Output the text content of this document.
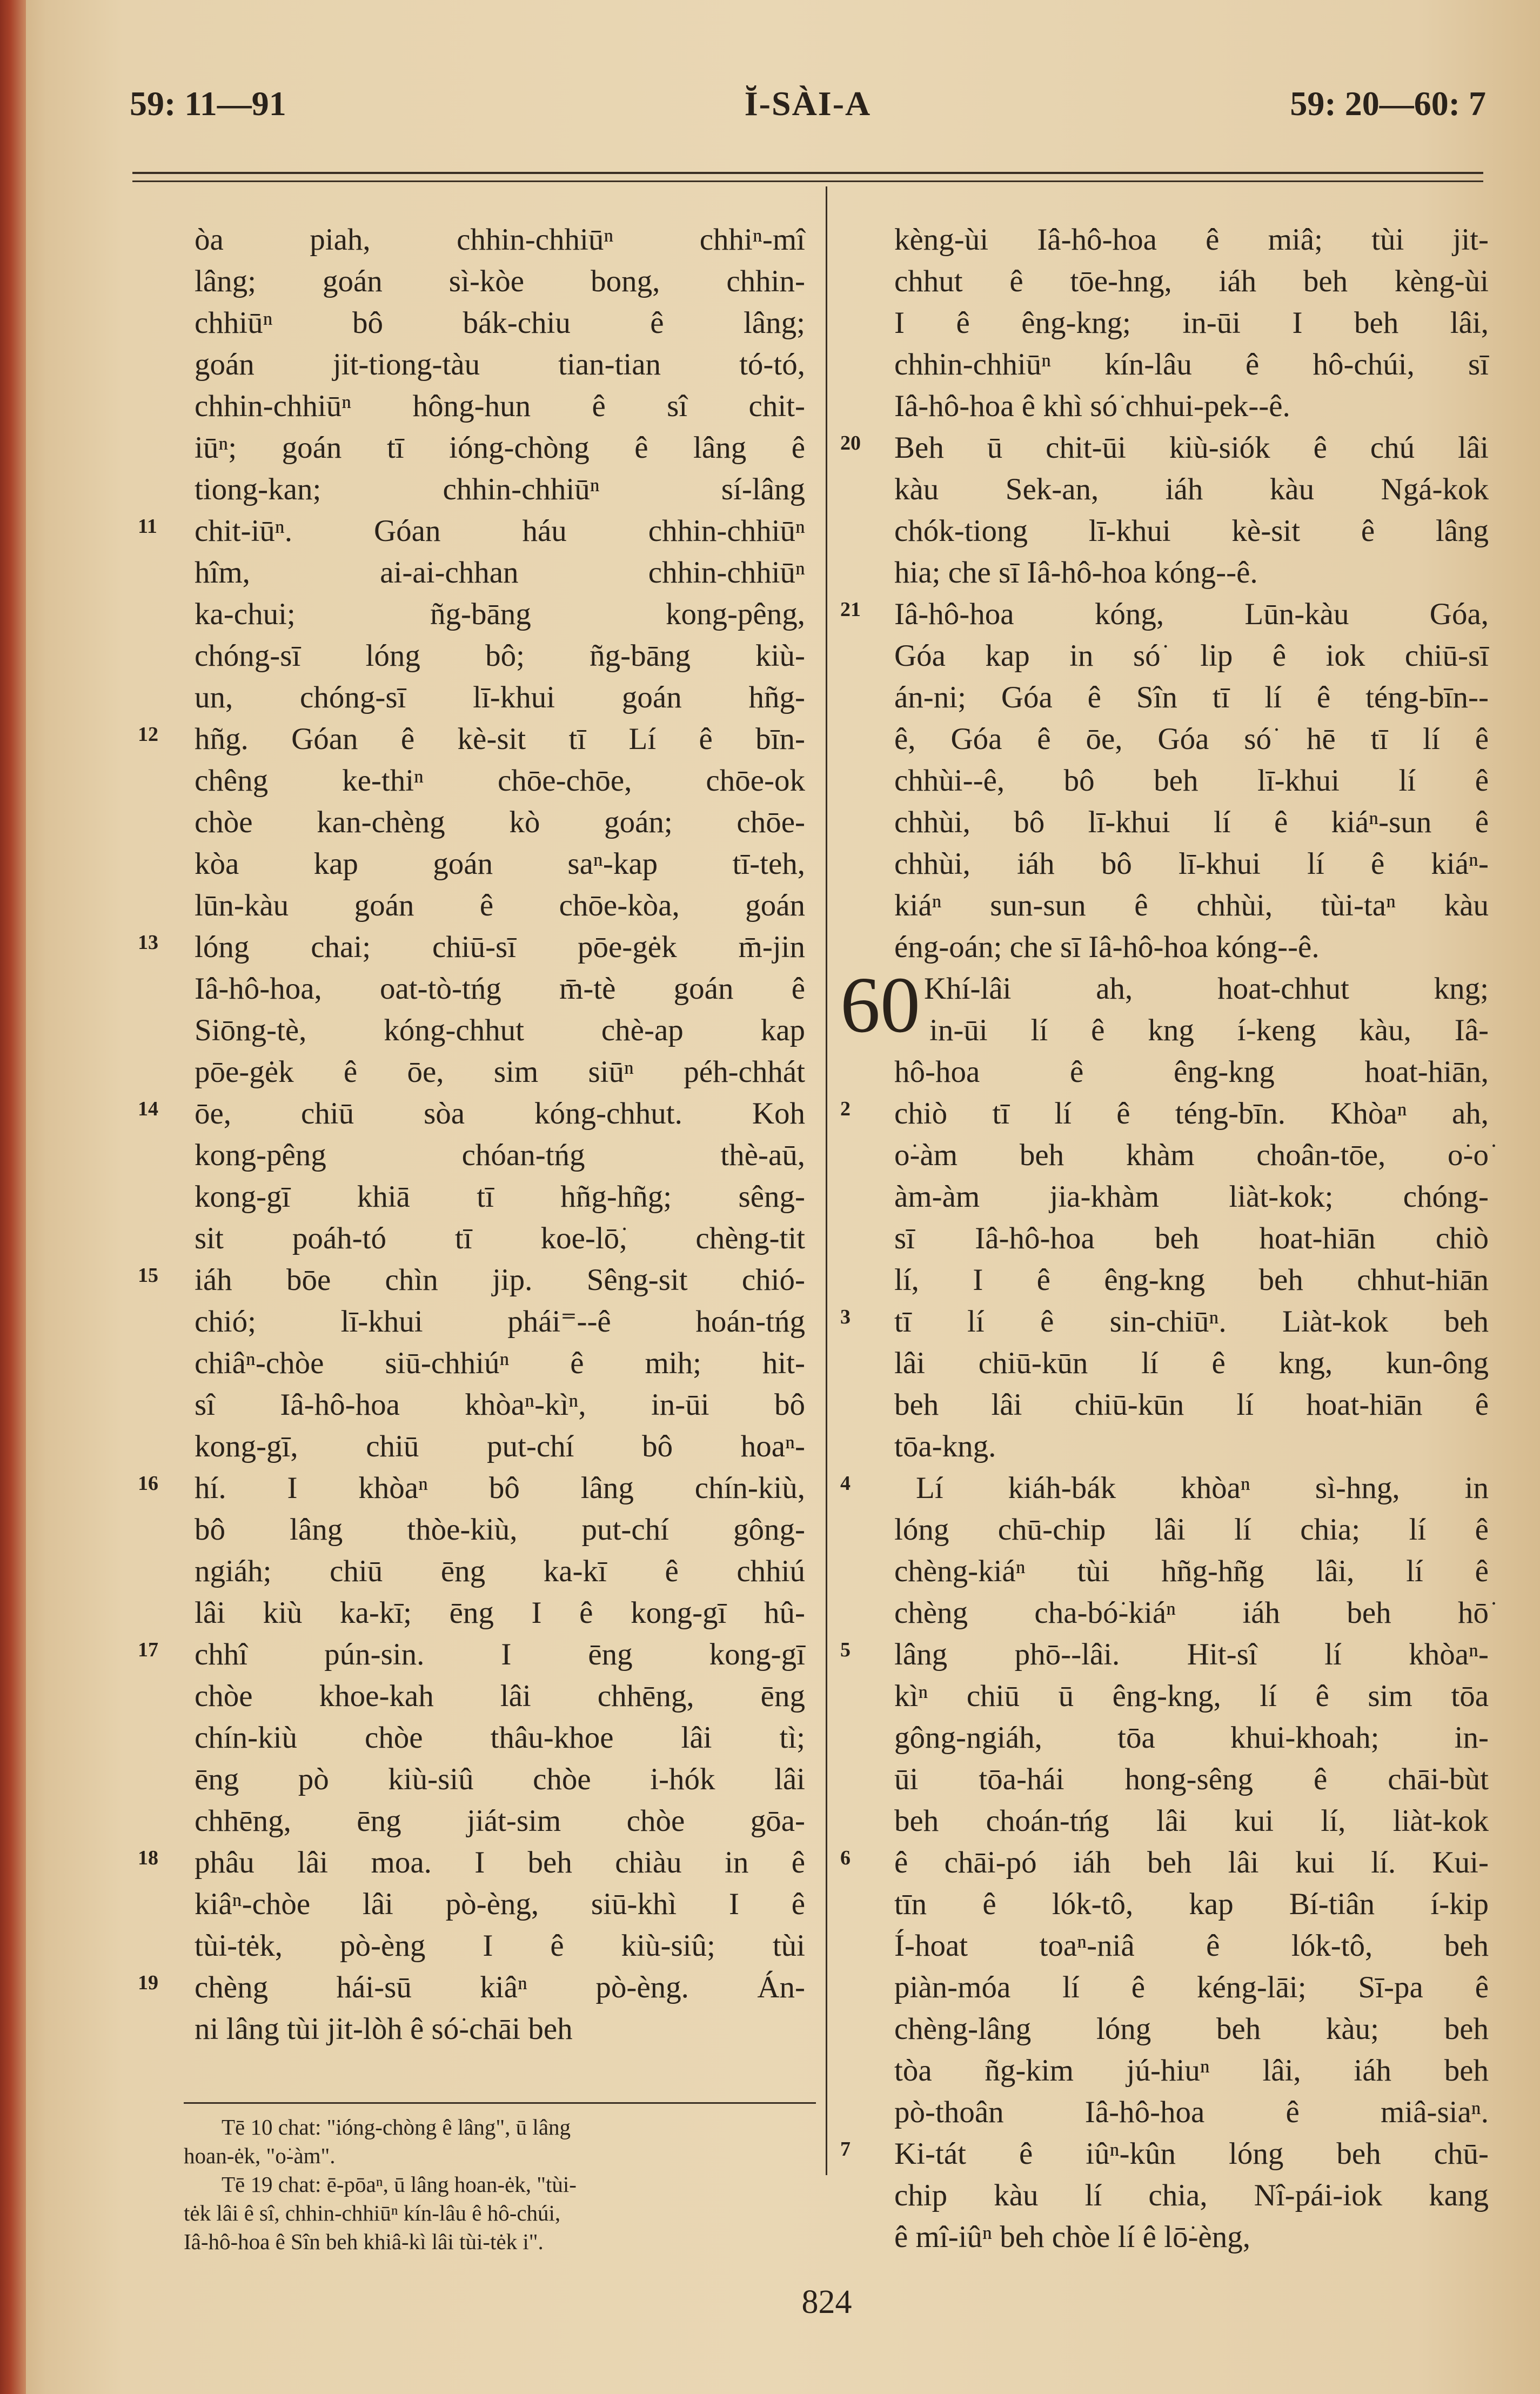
59: 11—91	Ĭ-SÀI-A	59: 20—60: 7
òa piah, chhin-chhiūⁿ chhiⁿ-mî
lâng; goán sì-kòe bong, chhin-
chhiūⁿ bô bák-chiu ê lâng;
goán jit-tiong-tàu tian-tian tó-tó,
chhin-chhiūⁿ hông-hun ê sî chit-
iūⁿ; goán tī ióng-chòng ê lâng ê
tiong-kan; chhin-chhiūⁿ sí-lâng
chit-iūⁿ. Góan háu chhin-chhiūⁿ
hîm, ai-ai-chhan chhin-chhiūⁿ
ka-chui; ñg-bāng kong-pêng,
chóng-sī lóng bô; ñg-bāng kiù-
un, chóng-sī lī-khui goán hñg-
hñg. Góan ê kè-sit tī Lí ê bīn-
chêng ke-thiⁿ chōe-chōe, chōe-ok
chòe kan-chèng kò goán; chōe-
kòa kap goán saⁿ-kap tī-teh,
lūn-kàu goán ê chōe-kòa, goán
lóng chai; chiū-sī pōe-gėk m̄-jin
Iâ-hô-hoa, oat-tò-tńg m̄-tè goán ê
Siōng-tè, kóng-chhut chè-ap kap
pōe-gėk ê ōe, sim siūⁿ péh-chhát
ōe, chiū sòa kóng-chhut. Koh
kong-pêng chóan-tńg thè-aū,
kong-gī khiā tī hñg-hñg; sêng-
sit poáh-tó tī koe-lō͘, chèng-tit
iáh bōe chìn jip. Sêng-sit chió-
chió; lī-khui phái⁼--ê hoán-tńg
chiâⁿ-chòe siū-chhiúⁿ ê mih; hit-
sî Iâ-hô-hoa khòaⁿ-kìⁿ, in-ūi bô
kong-gī, chiū put-chí bô hoaⁿ-
hí. I khòaⁿ bô lâng chín-kiù,
bô lâng thòe-kiù, put-chí gông-
ngiáh; chiū ēng ka-kī ê chhiú
lâi kiù ka-kī; ēng I ê kong-gī hû-
chhî pún-sin. I ēng kong-gī
chòe khoe-kah lâi chhēng, ēng
chín-kiù chòe thâu-khoe lâi tì;
ēng pò kiù-siû chòe i-hók lâi
chhēng, ēng jiát-sim chòe gōa-
phâu lâi moa. I beh chiàu in ê
kiâⁿ-chòe lâi pò-èng, siū-khì I ê
tùi-tėk, pò-èng I ê kiù-siû; tùi
chèng hái-sū kiâⁿ pò-èng. Án-
ni lâng tùi jit-lòh ê só͘-chāi beh
kèng-ùi Iâ-hô-hoa ê miâ; tùi jit-
chhut ê tōe-hng, iáh beh kèng-ùi
I ê êng-kng; in-ūi I beh lâi,
chhin-chhiūⁿ kín-lâu ê hô-chúi, sī
Iâ-hô-hoa ê khì só͘ chhui-pek--ê.
Beh ū chit-ūi kiù-siók ê chú lâi
kàu Sek-an, iáh kàu Ngá-kok
chók-tiong lī-khui kè-sit ê lâng
hia; che sī Iâ-hô-hoa kóng--ê.
Iâ-hô-hoa kóng, Lūn-kàu Góa,
Góa kap in só͘ lip ê iok chiū-sī
án-ni; Góa ê Sîn tī lí ê téng-bīn--
ê, Góa ê ōe, Góa só͘ hē tī lí ê
chhùi--ê, bô beh lī-khui lí ê
chhùi, bô lī-khui lí ê kiáⁿ-sun ê
chhùi, iáh bô lī-khui lí ê kiáⁿ-
kiáⁿ sun-sun ê chhùi, tùi-taⁿ kàu
éng-oán; che sī Iâ-hô-hoa kóng--ê.
Khí-lâi ah, hoat-chhut kng;
in-ūi lí ê kng í-keng kàu, Iâ-
hô-hoa ê êng-kng hoat-hiān,
chiò tī lí ê téng-bīn. Khòaⁿ ah,
o͘-àm beh khàm choân-tōe, o͘-o͘
àm-àm jia-khàm liàt-kok; chóng-
sī Iâ-hô-hoa beh hoat-hiān chiò
lí, I ê êng-kng beh chhut-hiān
tī lí ê sin-chiūⁿ. Liàt-kok beh
lâi chiū-kūn lí ê kng, kun-ông
beh lâi chiū-kūn lí hoat-hiān ê
tōa-kng.
Lí kiáh-bák khòaⁿ sì-hng, in
lóng chū-chip lâi lí chia; lí ê
chèng-kiáⁿ tùi hñg-hñg lâi, lí ê
chèng cha-bó͘-kiáⁿ iáh beh hō͘
lâng phō--lâi. Hit-sî lí khòaⁿ-
kìⁿ chiū ū êng-kng, lí ê sim tōa
gông-ngiáh, tōa khui-khoah; in-
ūi tōa-hái hong-sêng ê chāi-bùt
beh choán-tńg lâi kui lí, liàt-kok
ê chāi-pó iáh beh lâi kui lí. Kui-
tīn ê lók-tô, kap Bí-tiân í-kip
Í-hoat toaⁿ-niâ ê lók-tô, beh
piàn-móa lí ê kéng-lāi; Sī-pa ê
chèng-lâng lóng beh kàu; beh
tòa ñg-kim jú-hiuⁿ lâi, iáh beh
pò-thoân Iâ-hô-hoa ê miâ-siaⁿ.
Ki-tát ê iûⁿ-kûn lóng beh chū-
chip kàu lí chia, Nî-pái-iok kang
ê mî-iûⁿ beh chòe lí ê lō͘-èng,
11
12
13
14
15
16
17
18
19
20
21
2
3
4
5
6
7
60
Tē 10 chat: "ióng-chòng ê lâng", ū lâng
hoan-ėk, "o͘-àm".
Tē 19 chat: ē-pōaⁿ, ū lâng hoan-ėk, "tùi-
tėk lâi ê sî, chhin-chhiūⁿ kín-lâu ê hô-chúi,
Iâ-hô-hoa ê Sîn beh khiâ-kì lâi tùi-tėk i".
824
